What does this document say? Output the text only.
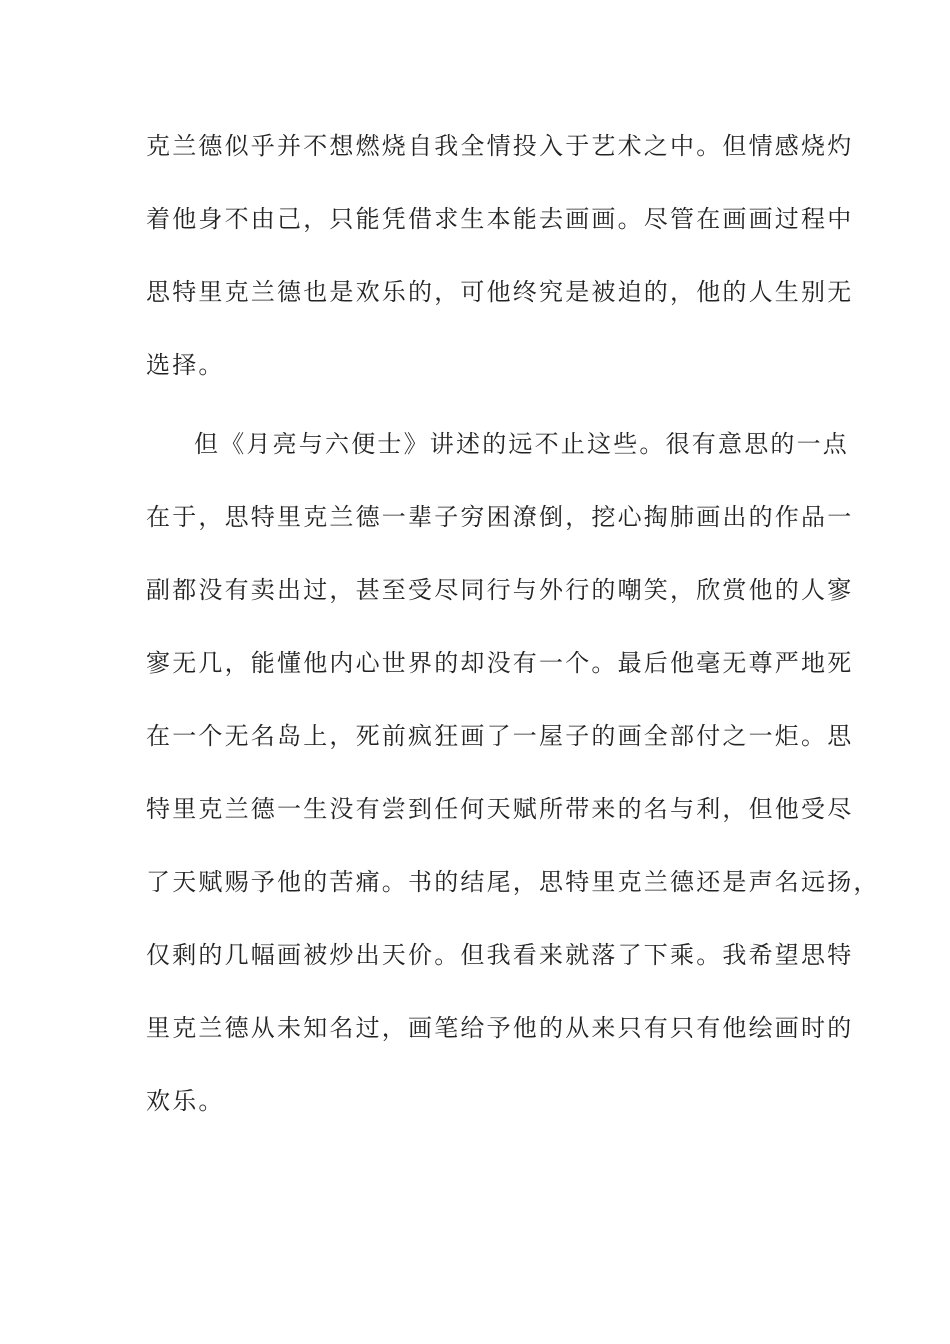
克兰德似乎并不想燃烧自我全情投入于艺术之中。但情感烧灼
着他身不由己，只能凭借求生本能去画画。尽管在画画过程中
思特里克兰德也是欢乐的，可他终究是被迫的，他的人生别无
选择。
但《月亮与六便士》讲述的远不止这些。很有意思的一点
在于，思特里克兰德一辈子穷困潦倒，挖心掏肺画出的作品一
副都没有卖出过，甚至受尽同行与外行的嘲笑，欣赏他的人寥
寥无几，能懂他内心世界的却没有一个。最后他毫无尊严地死
在一个无名岛上，死前疯狂画了一屋子的画全部付之一炬。思
特里克兰德一生没有尝到任何天赋所带来的名与利，但他受尽
了天赋赐予他的苦痛。书的结尾，思特里克兰德还是声名远扬，
仅剩的几幅画被炒出天价。但我看来就落了下乘。我希望思特
里克兰德从未知名过，画笔给予他的从来只有只有他绘画时的
欢乐。
